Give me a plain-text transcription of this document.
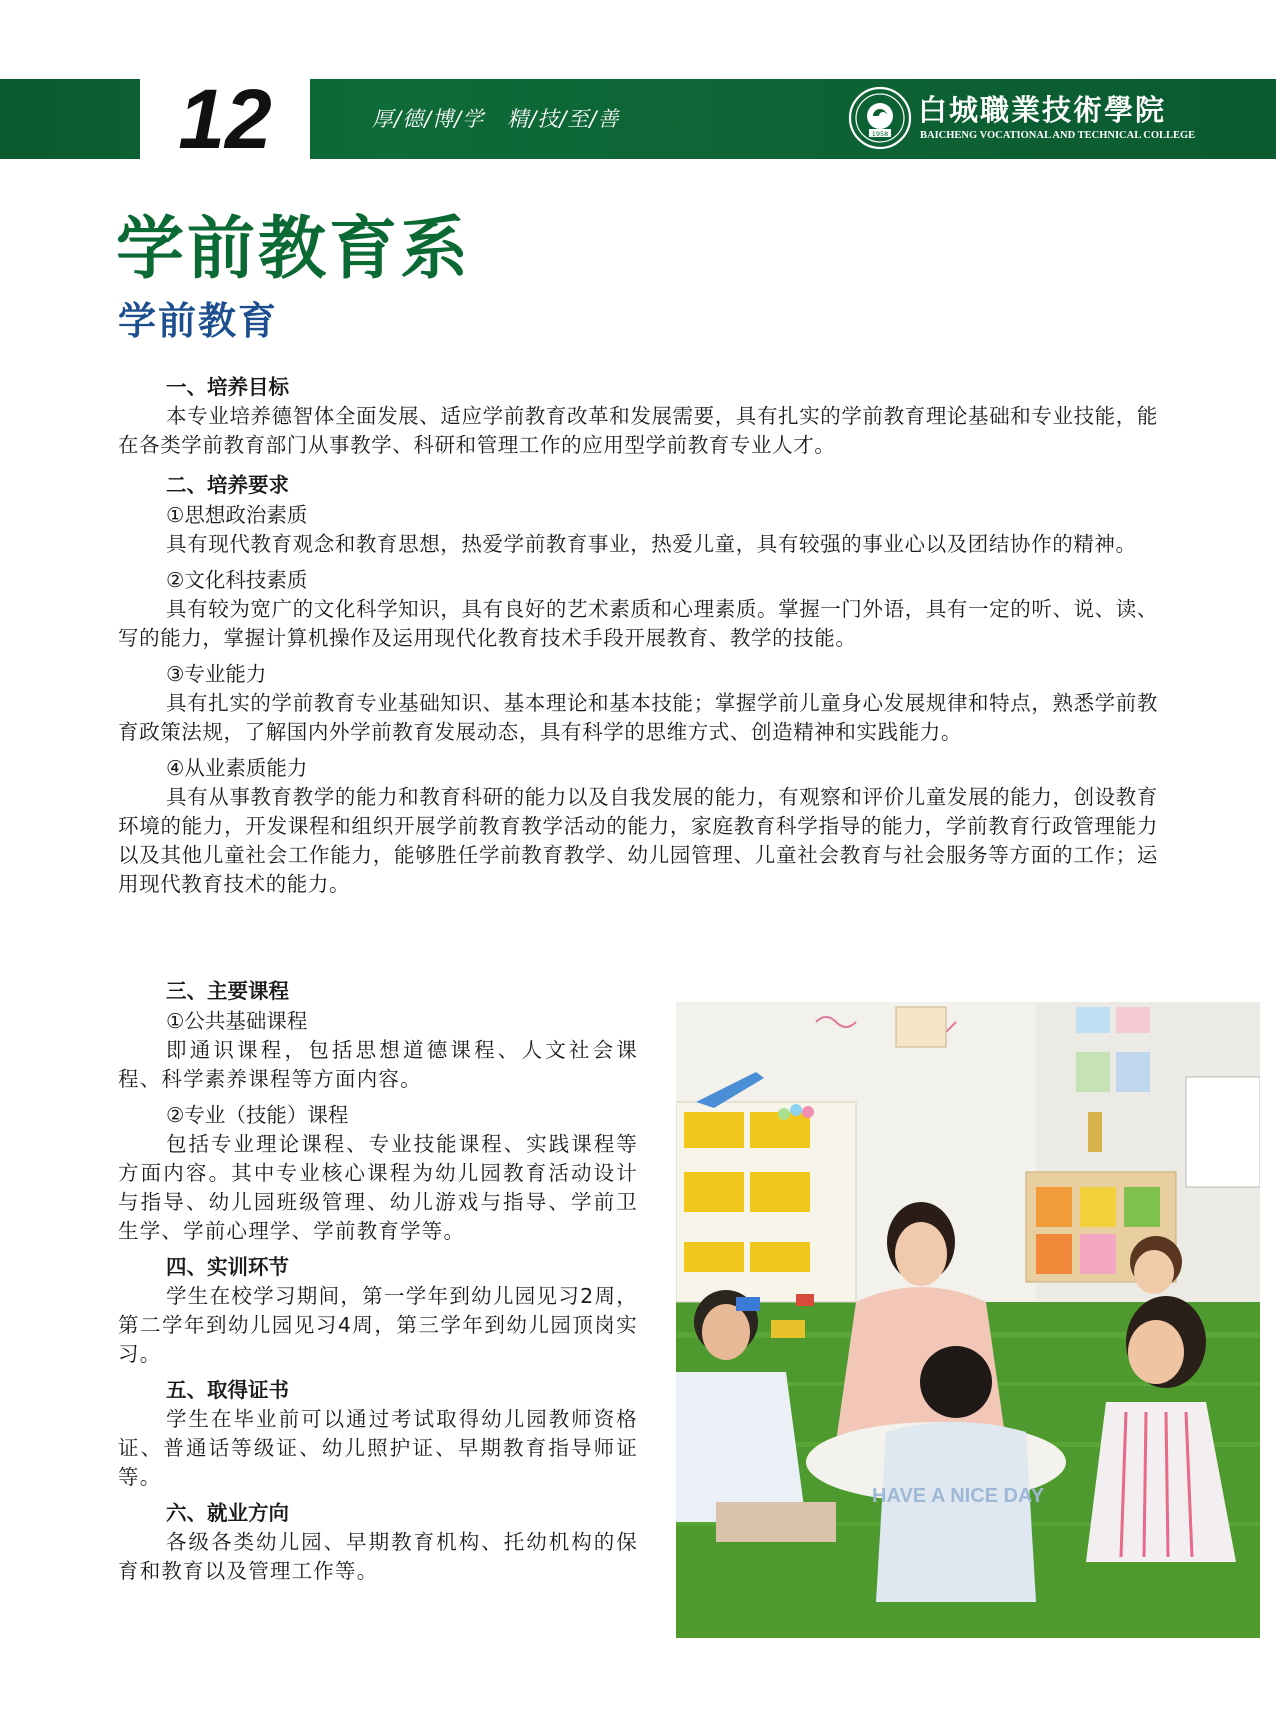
12	厚/德/博/学   精/技/至/善
1958
白城職業技術學院
BAICHENG VOCATIONAL AND TECHNICAL COLLEGE
学前教育系
学前教育
一、培养目标
本专业培养德智体全面发展、适应学前教育改革和发展需要，具有扎实的学前教育理论基础和专业技能，能在各类学前教育部门从事教学、科研和管理工作的应用型学前教育专业人才。
二、培养要求
①思想政治素质
具有现代教育观念和教育思想，热爱学前教育事业，热爱儿童，具有较强的事业心以及团结协作的精神。
②文化科技素质
具有较为宽广的文化科学知识，具有良好的艺术素质和心理素质。掌握一门外语，具有一定的听、说、读、写的能力，掌握计算机操作及运用现代化教育技术手段开展教育、教学的技能。
③专业能力
具有扎实的学前教育专业基础知识、基本理论和基本技能；掌握学前儿童身心发展规律和特点，熟悉学前教育政策法规，了解国内外学前教育发展动态，具有科学的思维方式、创造精神和实践能力。
④从业素质能力
具有从事教育教学的能力和教育科研的能力以及自我发展的能力，有观察和评价儿童发展的能力，创设教育环境的能力，开发课程和组织开展学前教育教学活动的能力，家庭教育科学指导的能力，学前教育行政管理能力以及其他儿童社会工作能力，能够胜任学前教育教学、幼儿园管理、儿童社会教育与社会服务等方面的工作；运用现代教育技术的能力。
三、主要课程
①公共基础课程
即通识课程，包括思想道德课程、人文社会课程、科学素养课程等方面内容。
②专业（技能）课程
包括专业理论课程、专业技能课程、实践课程等方面内容。其中专业核心课程为幼儿园教育活动设计与指导、幼儿园班级管理、幼儿游戏与指导、学前卫生学、学前心理学、学前教育学等。
四、实训环节
学生在校学习期间，第一学年到幼儿园见习2周，第二学年到幼儿园见习4周，第三学年到幼儿园顶岗实习。
五、取得证书
学生在毕业前可以通过考试取得幼儿园教师资格证、普通话等级证、幼儿照护证、早期教育指导师证等。
六、就业方向
各级各类幼儿园、早期教育机构、托幼机构的保育和教育以及管理工作等。
HAVE A NICE DAY
